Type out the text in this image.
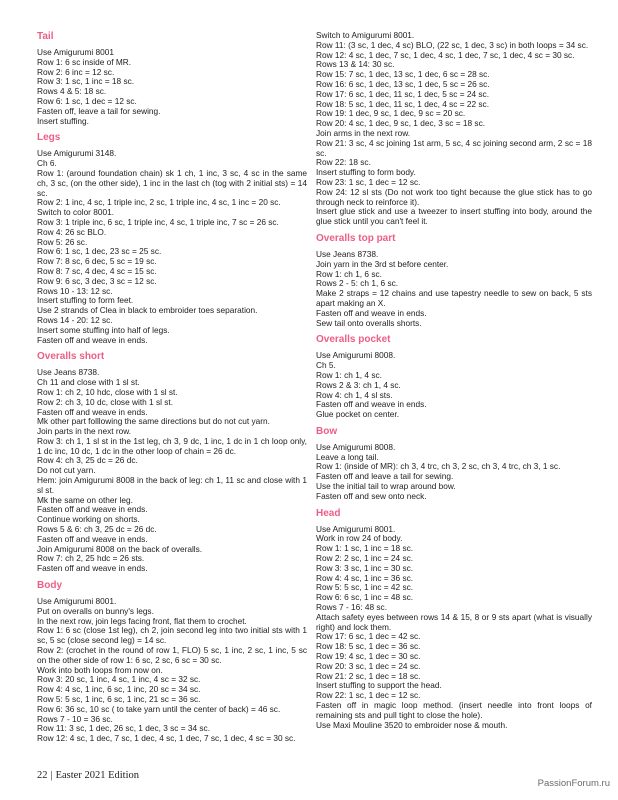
Tail
Use Amigurumi 8001
Row 1: 6 sc inside of MR.
Row 2: 6 inc = 12 sc.
Row 3: 1 sc, 1 inc = 18 sc.
Rows 4 & 5: 18 sc.
Row 6: 1 sc, 1 dec = 12 sc.
Fasten off, leave a tail for sewing.
Insert stuffing.
Legs
Use Amigurumi 3148.
Ch 6.
Row 1: (around foundation chain) sk 1 ch, 1 inc, 3 sc, 4 sc in the same ch, 3 sc, (on the other side), 1 inc in the last ch (tog with 2 initial sts) = 14 sc.
Row 2: 1 inc, 4 sc, 1 triple inc, 2 sc, 1 triple inc, 4 sc, 1 inc = 20 sc.
Switch to color 8001.
Row 3: 1 triple inc, 6 sc, 1 triple inc, 4 sc, 1 triple inc, 7 sc = 26 sc.
Row 4: 26 sc BLO.
Row 5: 26 sc.
Row 6: 1 sc, 1 dec, 23 sc = 25 sc.
Row 7: 8 sc, 6 dec, 5 sc = 19 sc.
Row 8: 7 sc, 4 dec, 4 sc = 15 sc.
Row 9: 6 sc, 3 dec, 3 sc = 12 sc.
Rows 10 - 13: 12 sc.
Insert stuffing to form feet.
Use 2 strands of Clea in black to embroider toes separation.
Rows 14 - 20: 12 sc.
Insert some stuffing into half of legs.
Fasten off and weave in ends.
Overalls short
Use Jeans 8738.
Ch 11 and close with 1 sl st.
Row 1: ch 2, 10 hdc, close with 1 sl st.
Row 2: ch 3, 10 dc, close with 1 sl st.
Fasten off and weave in ends.
Mk other part folllowing the same directions but do not cut yarn.
Join parts in the next row.
Row 3: ch 1, 1 sl st in the 1st leg, ch 3, 9 dc, 1 inc, 1 dc in 1 ch loop only, 1 dc inc, 10 dc, 1 dc in the other loop of chain = 26 dc.
Row 4: ch 3, 25 dc = 26 dc.
Do not cut yarn.
Hem: join Amigurumi 8008 in the back of leg: ch 1, 11 sc and close with 1 sl st.
Mk the same on other leg.
Fasten off and weave in ends.
Continue working on shorts.
Rows 5 & 6: ch 3, 25 dc = 26 dc.
Fasten off and weave in ends.
Join Amigurumi 8008 on the back of overalls.
Row 7: ch 2, 25 hdc = 26 sts.
Fasten off and weave in ends.
Body
Use Amigurumi 8001.
Put on overalls on bunny's legs.
In the next row, join legs facing front, flat them to crochet.
Row 1: 6 sc (close 1st leg), ch 2, join second leg into two initial sts with 1 sc, 5 sc (close second leg) = 14 sc.
Row 2: (crochet in the round of row 1, FLO) 5 sc, 1 inc, 2 sc, 1 inc, 5 sc on the other side of row 1: 6 sc, 2 sc, 6 sc = 30 sc.
Work into both loops from now on.
Row 3: 20 sc, 1 inc, 4 sc, 1 inc, 4 sc = 32 sc.
Row 4: 4 sc, 1 inc, 6 sc, 1 inc, 20 sc = 34 sc.
Row 5: 5 sc, 1 inc, 6 sc, 1 inc, 21 sc = 36 sc.
Row 6: 36 sc, 10 sc ( to take yarn until the center of back) = 46 sc.
Rows 7 - 10 = 36 sc.
Row 11: 3 sc, 1 dec, 26 sc, 1 dec, 3 sc = 34 sc.
Row 12: 4 sc, 1 dec, 7 sc, 1 dec, 4 sc, 1 dec, 7 sc, 1 dec, 4 sc = 30 sc.
Switch to Amigurumi 8001.
Row 11: (3 sc, 1 dec, 4 sc) BLO, (22 sc, 1 dec, 3 sc) in both loops = 34 sc.
Row 12: 4 sc, 1 dec, 7 sc, 1 dec, 4 sc, 1 dec, 7 sc, 1 dec, 4 sc = 30 sc.
Rows 13 & 14: 30 sc.
Row 15: 7 sc, 1 dec, 13 sc, 1 dec, 6 sc = 28 sc.
Row 16: 6 sc, 1 dec, 13 sc, 1 dec, 5 sc = 26 sc.
Row 17: 6 sc, 1 dec, 11 sc, 1 dec, 5 sc = 24 sc.
Row 18: 5 sc, 1 dec, 11 sc, 1 dec, 4 sc = 22 sc.
Row 19: 1 dec, 9 sc, 1 dec, 9 sc = 20 sc.
Row 20: 4 sc, 1 dec, 9 sc, 1 dec, 3 sc = 18 sc.
Join arms in the next row.
Row 21: 3 sc, 4 sc joining 1st arm, 5 sc, 4 sc joining second arm, 2 sc = 18 sc.
Row 22: 18 sc.
Insert stuffing to form body.
Row 23: 1 sc, 1 dec = 12 sc.
Row 24: 12 sl sts (Do not work too tight because the glue stick has to go through neck to reinforce it).
Insert glue stick and use a tweezer to insert stuffing into body, around the glue stick until you can't feel it.
Overalls top part
Use Jeans 8738.
Join yarn in the 3rd st before center.
Row 1: ch 1, 6 sc.
Rows 2 - 5: ch 1, 6 sc.
Make 2 straps = 12 chains and use tapestry needle to sew on back, 5 sts apart making an X.
Fasten off and weave in ends.
Sew tail onto overalls shorts.
Overalls pocket
Use Amigurumi 8008.
Ch 5.
Row 1: ch 1, 4 sc.
Rows 2 & 3: ch 1, 4 sc.
Row 4: ch 1, 4 sl sts.
Fasten off and weave in ends.
Glue pocket on center.
Bow
Use Amigurumi 8008.
Leave a long tail.
Row 1: (inside of MR): ch 3, 4 trc, ch 3, 2 sc, ch 3, 4 trc, ch 3, 1 sc.
Fasten off and leave a tail for sewing.
Use the initial tail to wrap around bow.
Fasten off and sew onto neck.
Head
Use Amigurumi 8001.
Work in row 24 of body.
Row 1: 1 sc, 1 inc = 18 sc.
Row 2: 2 sc, 1 inc = 24 sc.
Row 3: 3 sc, 1 inc = 30 sc.
Row 4: 4 sc, 1 inc = 36 sc.
Row 5: 5 sc, 1 inc = 42 sc.
Row 6: 6 sc, 1 inc = 48 sc.
Rows 7 - 16: 48 sc.
Attach safety eyes between rows 14 & 15, 8 or 9 sts apart (what is visually right) and lock them.
Row 17: 6 sc, 1 dec = 42 sc.
Row 18: 5 sc, 1 dec = 36 sc.
Row 19: 4 sc, 1 dec = 30 sc.
Row 20: 3 sc, 1 dec = 24 sc.
Row 21: 2 sc, 1 dec = 18 sc.
Insert stuffing to support the head.
Row 22: 1 sc, 1 dec = 12 sc.
Fasten off in magic loop method. (insert needle into front loops of remaining sts and pull tight to close the hole).
Use Maxi Mouline 3520 to embroider nose & mouth.
22 | Easter 2021 Edition
PassionForum.ru
